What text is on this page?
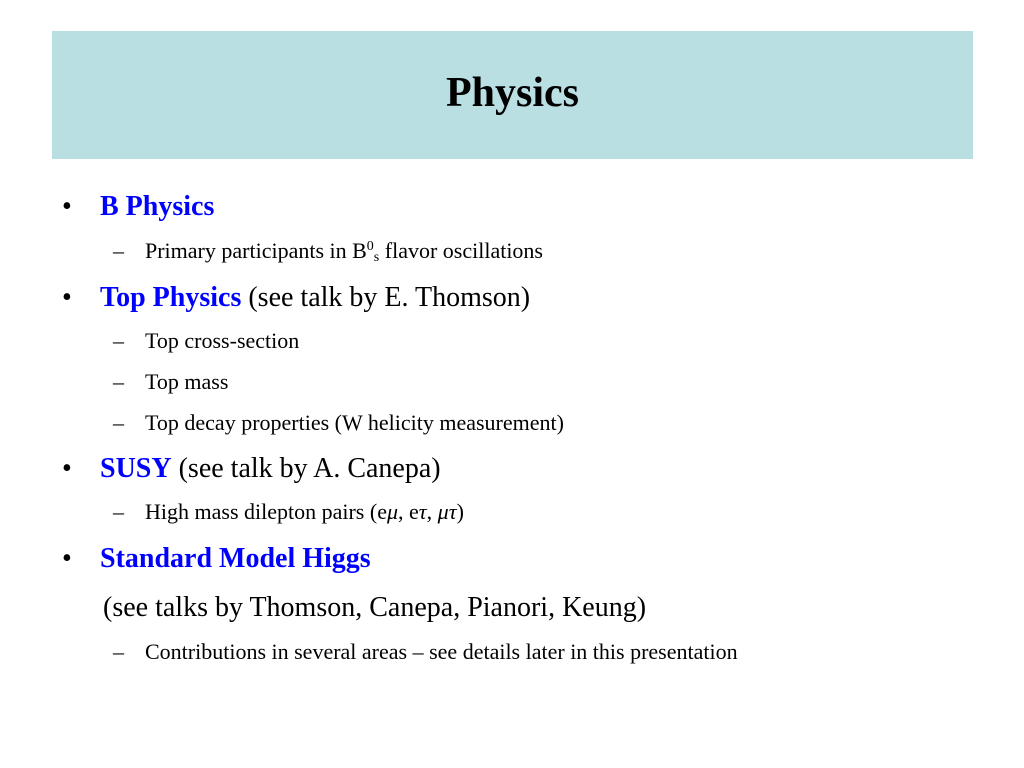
Physics
• B Physics
– Primary participants in $B^0_s$ flavor oscillations
• Top Physics (see talk by E. Thomson)
– Top cross-section
– Top mass
– Top decay properties (W helicity measurement)
• SUSY (see talk by A. Canepa)
– High mass dilepton pairs (eμ, eτ, μτ)
• Standard Model Higgs
(see talks by Thomson, Canepa, Pianori, Keung)
– Contributions in several areas – see details later in this presentation
